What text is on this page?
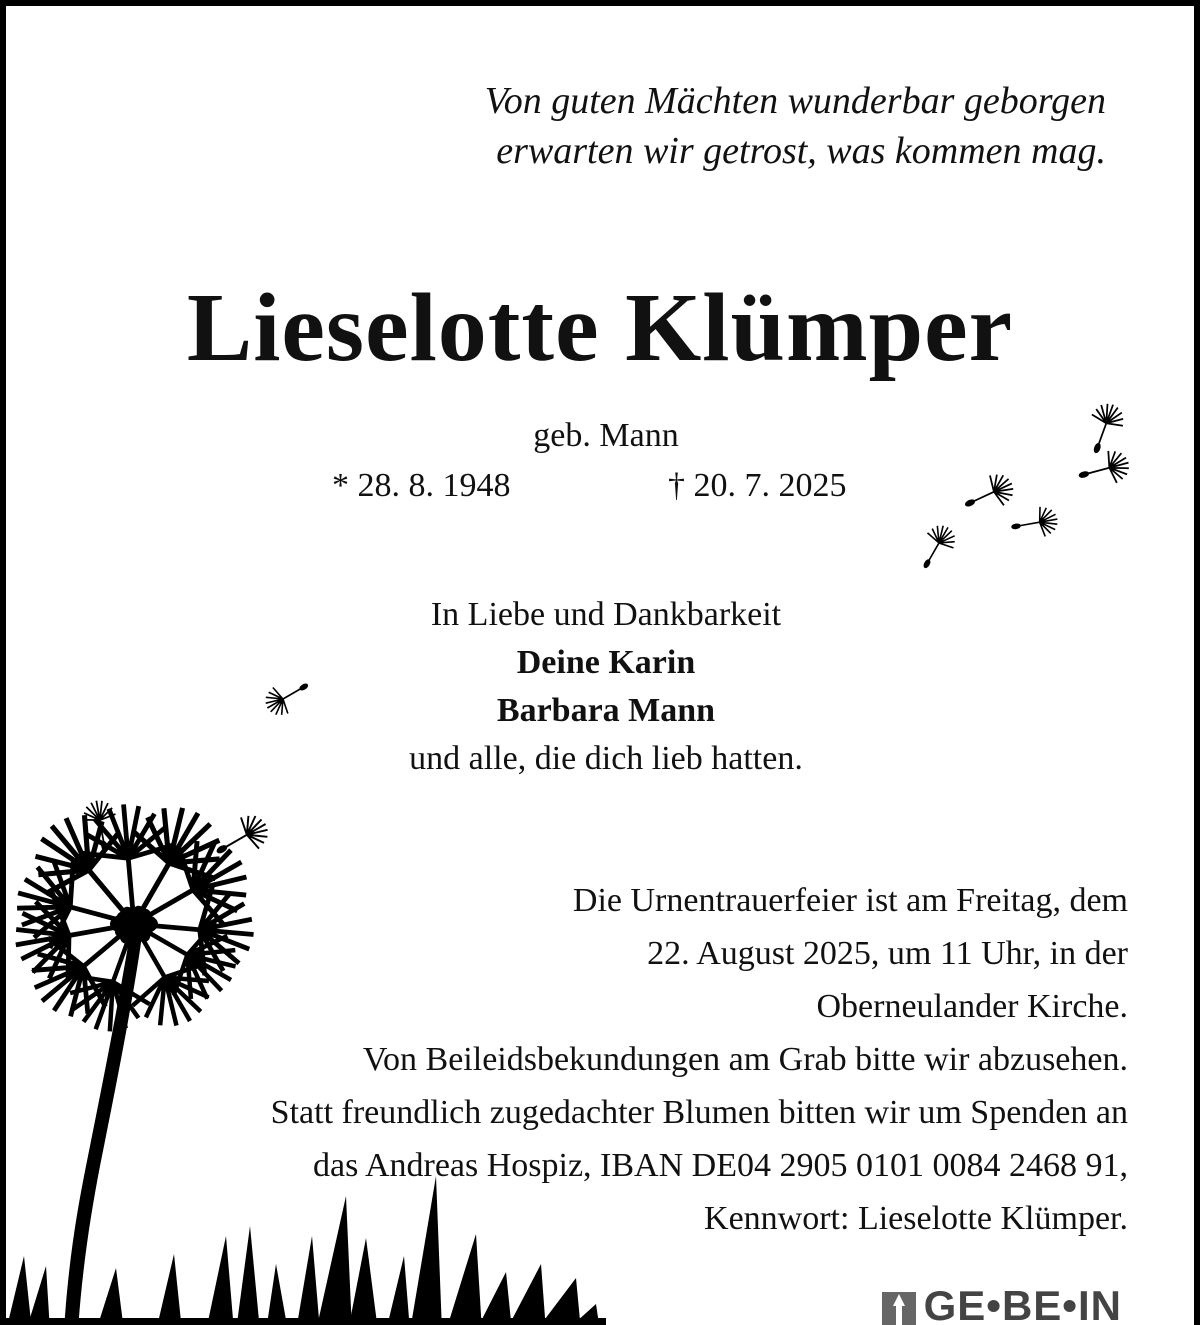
Von guten Mächten wunderbar geborgen
erwarten wir getrost, was kommen mag.
Lieselotte Klümper
geb. Mann
* 28. 8. 1948	† 20. 7. 2025
In Liebe und Dankbarkeit
Deine Karin
Barbara Mann
und alle, die dich lieb hatten.
Die Urnentrauerfeier ist am Freitag, dem
22. August 2025, um 11 Uhr, in der
Oberneulander Kirche.
Von Beileidsbekundungen am Grab bitte wir abzusehen.
Statt freundlich zugedachter Blumen bitten wir um Spenden an
das Andreas Hospiz, IBAN DE04 2905 0101 0084 2468 91,
Kennwort: Lieselotte Klümper.
GE•BE•IN
